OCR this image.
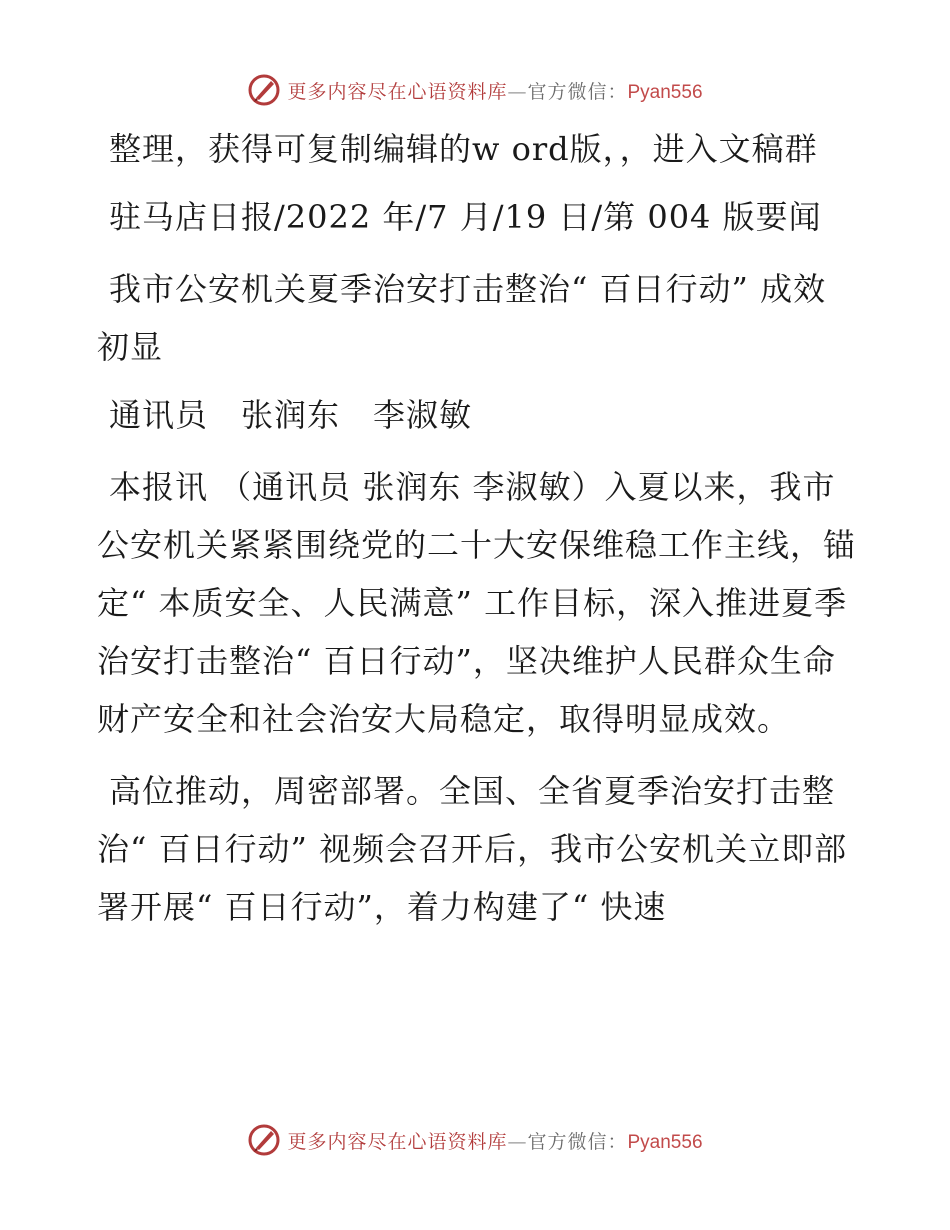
更多内容尽在心语资料库—官方微信：Pyan556

整理，获得可复制编辑的w ord版，，进入文稿群

驻马店日报/2022 年/7 月/19 日/第 004 版要闻

我市公安机关夏季治安打击整治“ 百日行动” 成效初显

通讯员　张润东　李淑敏

本报讯 （通讯员 张润东 李淑敏）入夏以来，我市公安机关紧紧围绕党的二十大安保维稳工作主线，锚定“ 本质安全、人民满意” 工作目标，深入推进夏季治安打击整治“ 百日行动”，坚决维护人民群众生命财产安全和社会治安大局稳定，取得明显成效。

高位推动，周密部署。全国、全省夏季治安打击整治“ 百日行动” 视频会召开后，我市公安机关立即部署开展“ 百日行动”，着力构建了“ 快速

更多内容尽在心语资料库—官方微信：Pyan556
